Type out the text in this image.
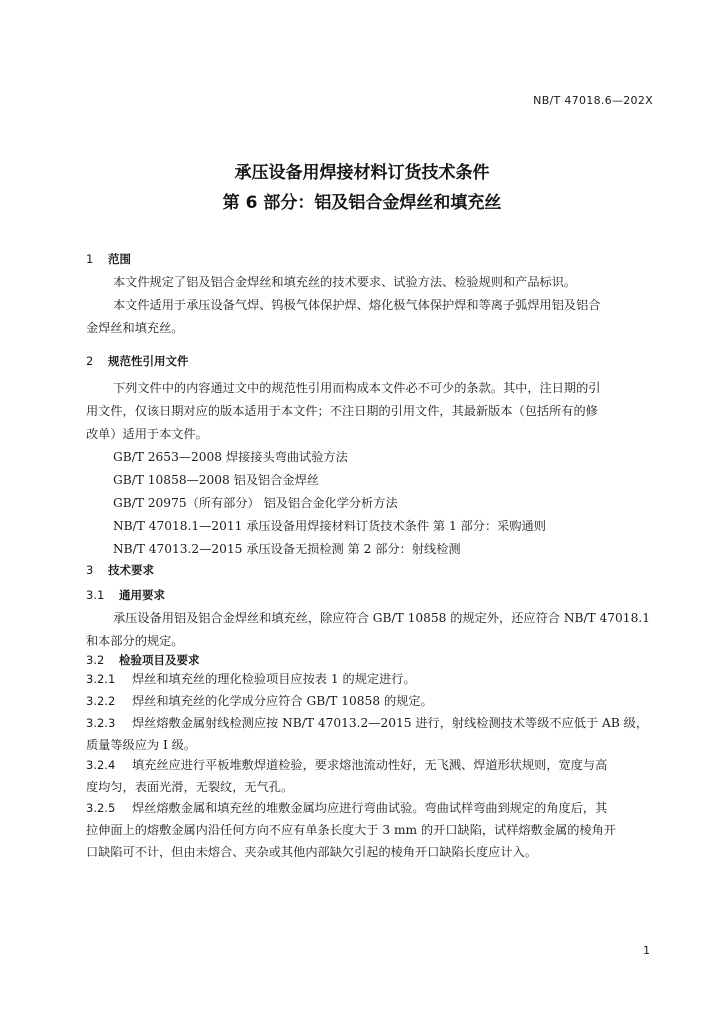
NB/T 47018.6—202X
承压设备用焊接材料订货技术条件
第 6 部分：铝及铝合金焊丝和填充丝
1 范围
本文件规定了铝及铝合金焊丝和填充丝的技术要求、试验方法、检验规则和产品标识。
本文件适用于承压设备气焊、钨极气体保护焊、熔化极气体保护焊和等离子弧焊用铝及铝合
金焊丝和填充丝。
2 规范性引用文件
下列文件中的内容通过文中的规范性引用而构成本文件必不可少的条款。其中，注日期的引
用文件，仅该日期对应的版本适用于本文件；不注日期的引用文件，其最新版本（包括所有的修
改单）适用于本文件。
GB/T 2653—2008 焊接接头弯曲试验方法
GB/T 10858—2008 铝及铝合金焊丝
GB/T 20975（所有部分） 铝及铝合金化学分析方法
NB/T 47018.1—2011 承压设备用焊接材料订货技术条件 第 1 部分：采购通则
NB/T 47013.2—2015 承压设备无损检测 第 2 部分：射线检测
3 技术要求
3.1 通用要求
承压设备用铝及铝合金焊丝和填充丝，除应符合 GB/T 10858 的规定外，还应符合 NB/T 47018.1
和本部分的规定。
3.2 检验项目及要求
3.2.1 焊丝和填充丝的理化检验项目应按表 1 的规定进行。
3.2.2 焊丝和填充丝的化学成分应符合 GB/T 10858 的规定。
3.2.3 焊丝熔敷金属射线检测应按 NB/T 47013.2—2015 进行，射线检测技术等级不应低于 AB 级，
质量等级应为 I 级。
3.2.4 填充丝应进行平板堆敷焊道检验，要求熔池流动性好，无飞溅、焊道形状规则，宽度与高
度均匀，表面光滑，无裂纹，无气孔。
3.2.5 焊丝熔敷金属和填充丝的堆敷金属均应进行弯曲试验。弯曲试样弯曲到规定的角度后，其
拉伸面上的熔敷金属内沿任何方向不应有单条长度大于 3 mm 的开口缺陷，试样熔敷金属的棱角开
口缺陷可不计，但由未熔合、夹杂或其他内部缺欠引起的棱角开口缺陷长度应计入。
1
